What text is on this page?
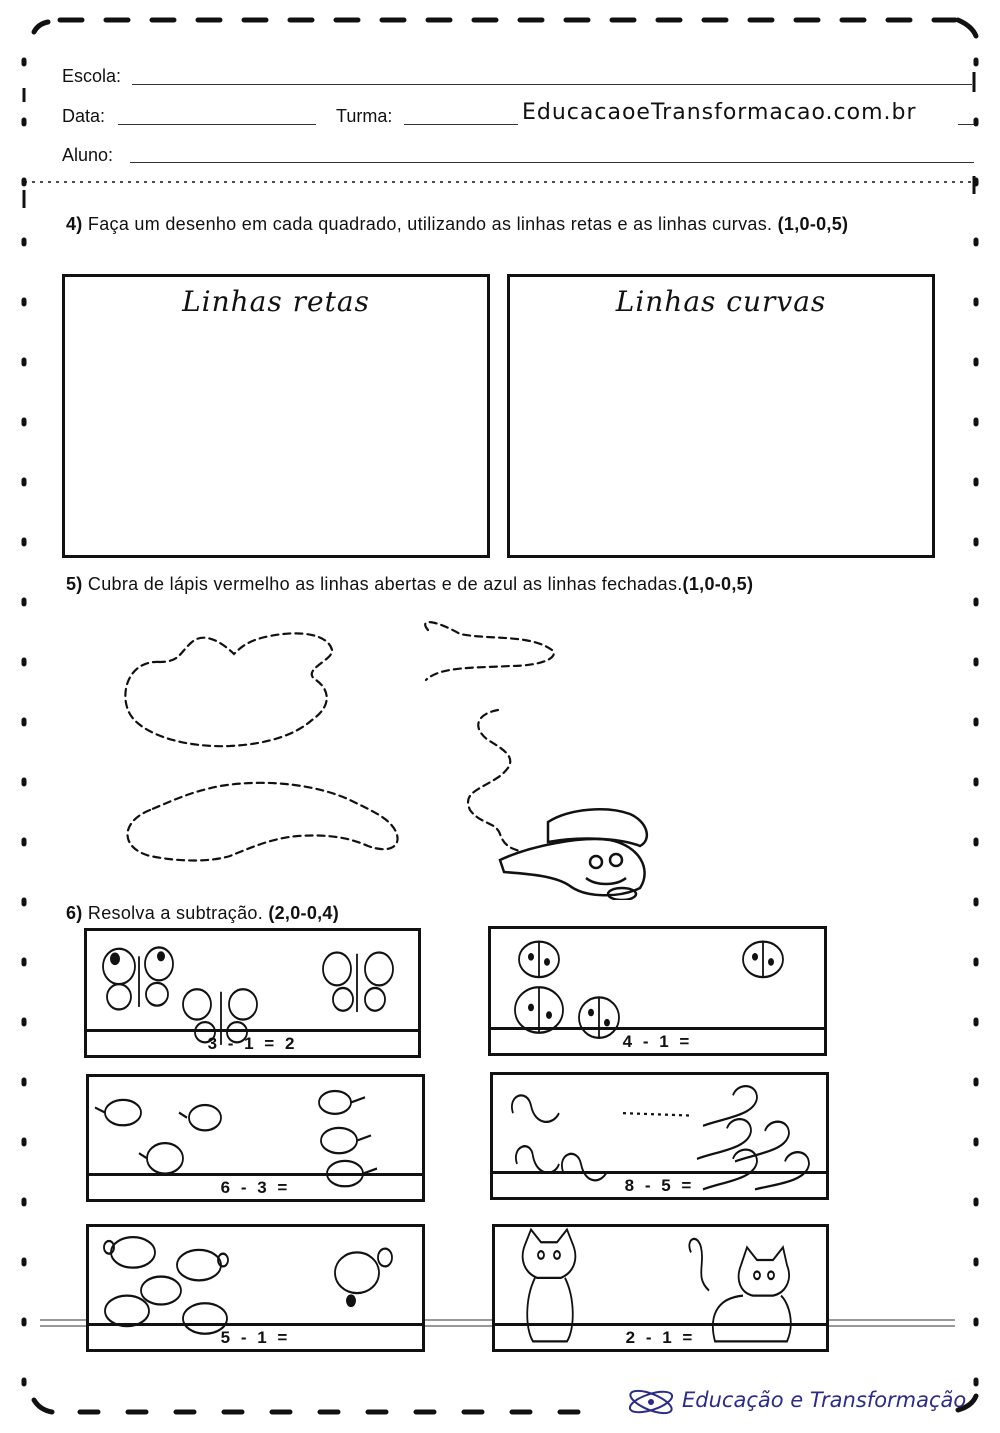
Escola:
Data:	Turma:	EducacaoeTransformacao.com.br
Aluno:
4) Faça um desenho em cada quadrado, utilizando as linhas retas e as linhas curvas. (1,0-0,5)
Linhas retas	Linhas curvas
5) Cubra de lápis vermelho as linhas abertas e de azul as linhas fechadas.(1,0-0,5)
6) Resolva a subtração. (2,0-0,4)
3 - 1 = 2	4 - 1 =
6 - 3 =	8 - 5 =
5 - 1 =	2 - 1 =
Educação e Transformação
